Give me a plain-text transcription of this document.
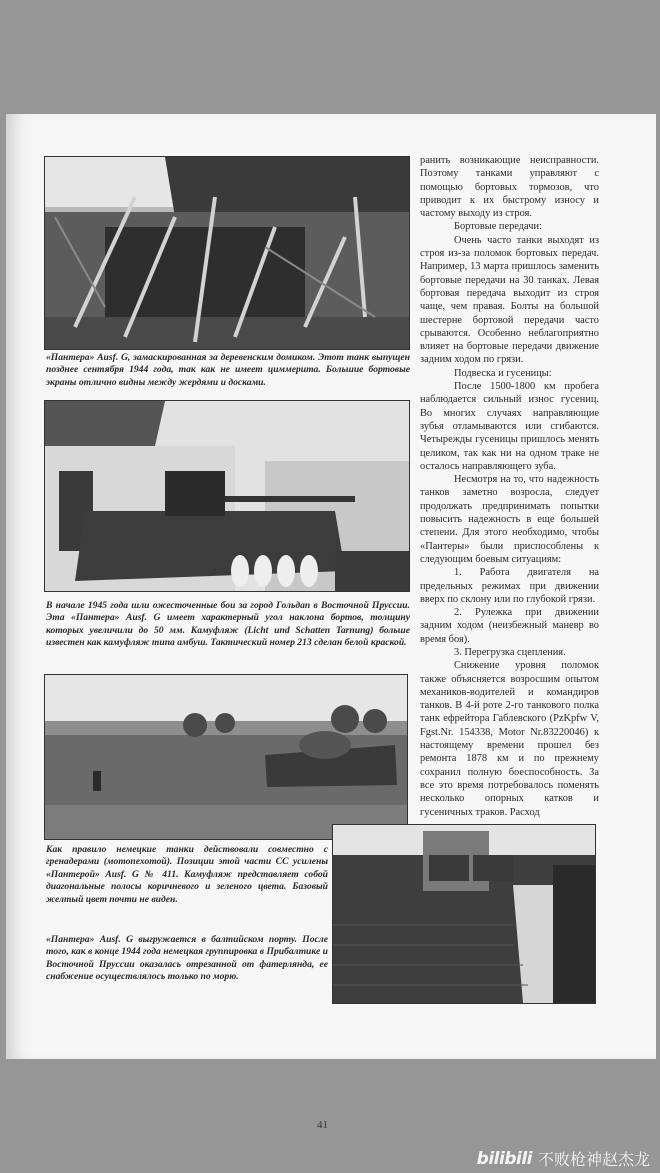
«Пантера» Ausf. G, замаскированная за деревенским домиком. Этот танк выпущен позднее сентября 1944 года, так как не имеет циммерита. Большие бортовые экраны отлично видны между жердями и досками.
В начале 1945 года шли ожесточенные бои за город Гольдап в Восточной Пруссии. Эта «Пантера» Ausf. G имеет характерный угол наклона бортов, толщину которых увеличили до 50 мм. Камуфляж (Licht und Schatten Tarnung) больше известен как камуфляж типа амбуш. Тактический номер 213 сделан белой краской.
Как правило немецкие танки действовали совместно с гренадерами (мотопехотой). Позиции этой части СС усилены «Пантерой» Ausf. G № 411. Камуфляж представляет собой диагональные полосы коричневого и зеленого цвета. Базовый желтый цвет почти не виден.
«Пантера» Ausf. G выгружается в балтийском порту. После того, как в конце 1944 года немецкая группировка в Прибалтике и Восточной Пруссии оказалась отрезанной от фатерлянда, ее снабжение осуществлялось только по морю.
41

ранить возникающие неисправности. Поэтому танками управляют с помощью бортовых тормозов, что приводит к их быстрому износу и частому выходу из строя.

Бортовые передачи:

Очень часто танки выходят из строя из-за поломок бортовых передач. Например, 13 марта пришлось заменить бортовые передачи на 30 танках. Левая бортовая передача выходит из строя чаще, чем правая. Болты на большой шестерне бортовой передачи часто срываются. Особенно неблагоприятно влияет на бортовые передачи движение задним ходом по грязи.

Подвеска и гусеницы:

После 1500-1800 км пробега наблюдается сильный износ гусениц. Во многих случаях направляющие зубья отламываются или сгибаются. Четырежды гусеницы пришлось менять целиком, так как ни на одном траке не осталось направляющего зуба.

Несмотря на то, что надежность танков заметно возросла, следует продолжать предпринимать попытки повысить надежность в еще большей степени. Для этого необходимо, чтобы «Пантеры» были приспособлены к следующим боевым ситуациям:

1. Работа двигателя на предельных режимах при движении вверх по склону или по глубокой грязи.

2. Рулежка при движении задним ходом (неизбежный маневр во время боя).

3. Перегрузка сцепления.

Снижение уровня поломок также объясняется возросшим опытом механиков-водителей и командиров танков. В 4-й роте 2-го танкового полка танк ефрейтора Габлевского (PzKpfw V, Fgst.Nr. 154338, Motor Nr.83220046) к настоящему времени прошел без ремонта 1878 км и по прежнему сохранил полную боеспособность. За все это время потребовалось поменять несколько опорных катков и гусеничных траков. Расход

bilibili 不败枪神赵杰龙
